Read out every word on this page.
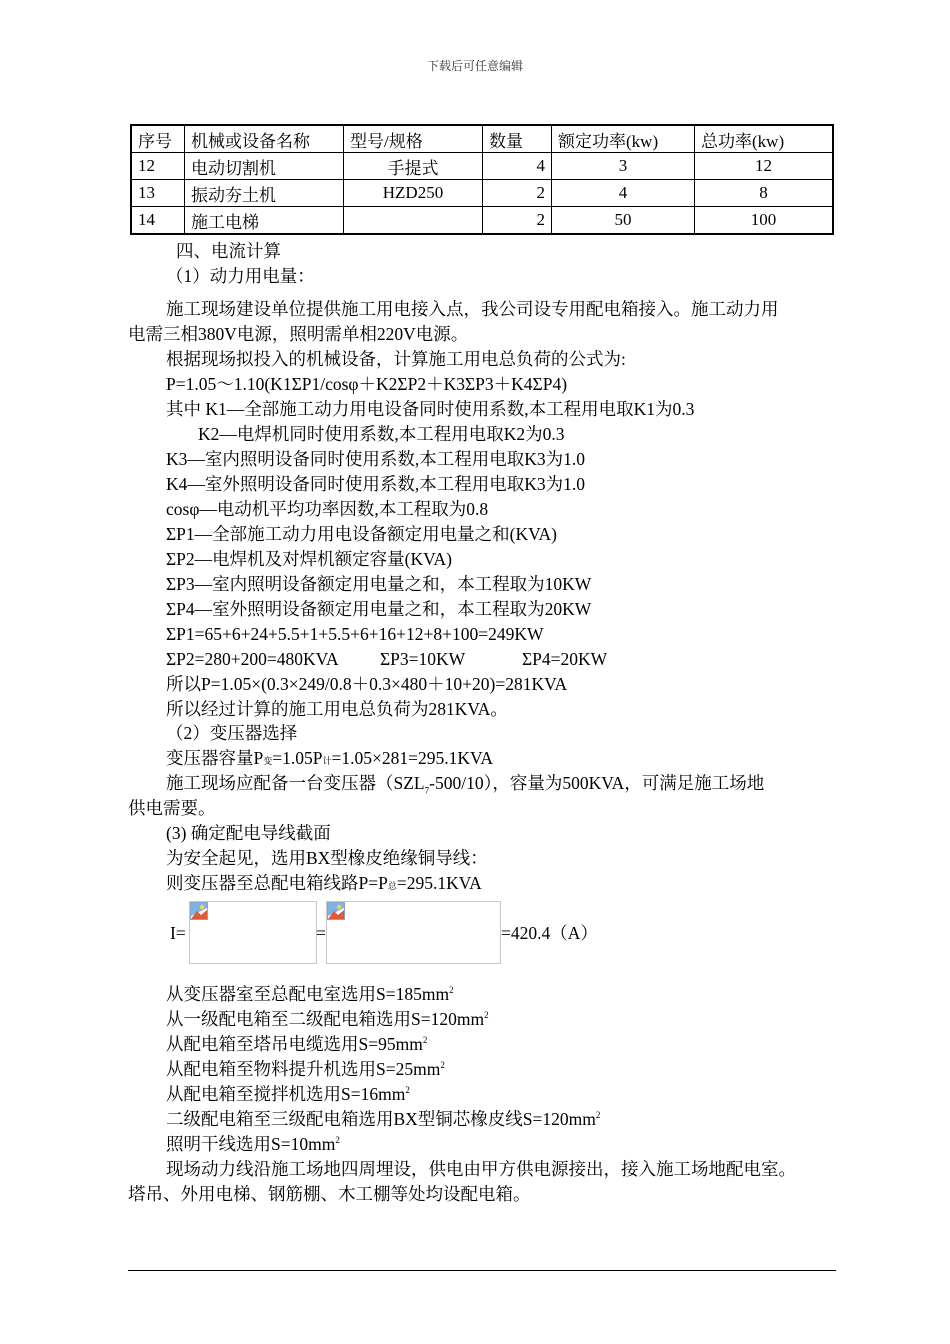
下载后可任意编辑
序号	机械或设备名称	型号/规格	数量	额定功率(kw)	总功率(kw)
12	电动切割机	手提式	4	3	12
13	振动夯土机	HZD250	2	4	8
14	施工电梯		2	50	100
四、电流计算
（1）动力用电量：
施工现场建设单位提供施工用电接入点，我公司设专用配电箱接入。施工动力用
电需三相380V电源，照明需单相220V电源。
根据现场拟投入的机械设备，计算施工用电总负荷的公式为:
P=1.05～1.10(K1ΣP1/cosφ＋K2ΣP2＋K3ΣP3＋K4ΣP4)
其中 K1—全部施工动力用电设备同时使用系数,本工程用电取K1为0.3
K2—电焊机同时使用系数,本工程用电取K2为0.3
K3—室内照明设备同时使用系数,本工程用电取K3为1.0
K4—室外照明设备同时使用系数,本工程用电取K3为1.0
cosφ—电动机平均功率因数,本工程取为0.8
ΣP1—全部施工动力用电设备额定用电量之和(KVA)
ΣP2—电焊机及对焊机额定容量(KVA)
ΣP3—室内照明设备额定用电量之和，本工程取为10KW
ΣP4—室外照明设备额定用电量之和，本工程取为20KW
ΣP1=65+6+24+5.5+1+5.5+6+16+12+8+100=249KW
ΣP2=280+200=480KVA ΣP3=10KW	ΣP4=20KW
所以P=1.05×(0.3×249/0.8＋0.3×480＋10+20)=281KVA
所以经过计算的施工用电总负荷为281KVA。
（2）变压器选择
变压器容量P变=1.05P计=1.05×281=295.1KVA
施工现场应配备一台变压器$(SZL_7-500/10)$，容量为500KVA，可满足施工场地
供电需要。
(3) 确定配电导线截面
为安全起见，选用BX型橡皮绝缘铜导线：
则变压器至总配电箱线路P=P总=295.1KVA
I=	=	=420.4（A）
从变压器室至总配电室选用$S=185mm^2$
从一级配电箱至二级配电箱选用$S=120mm^2$
从配电箱至塔吊电缆选用$S=95mm^2$
从配电箱至物料提升机选用$S=25mm^2$
从配电箱至搅拌机选用$S=16mm^2$
二级配电箱至三级配电箱选用BX型铜芯橡皮线$S=120mm^2$
照明干线选用$S=10mm^2$
现场动力线沿施工场地四周埋设，供电由甲方供电源接出，接入施工场地配电室。
塔吊、外用电梯、钢筋棚、木工棚等处均设配电箱。
